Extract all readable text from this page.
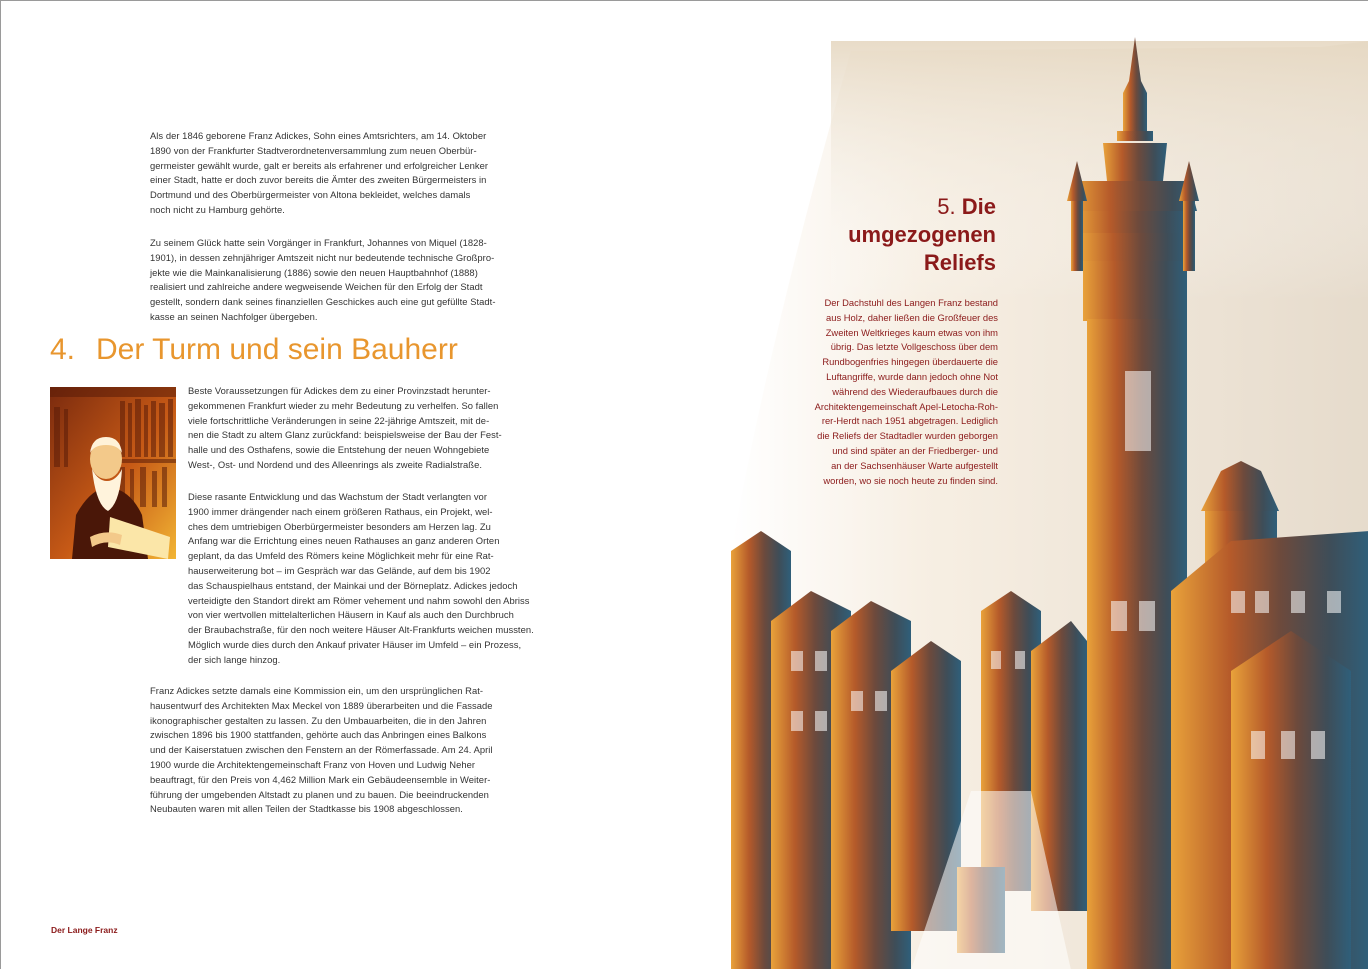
Als der 1846 geborene Franz Adickes, Sohn eines Amtsrichters, am 14. Oktober
1890 von der Frankfurter Stadtverordnetenversammlung zum neuen Oberbür-
germeister gewählt wurde, galt er bereits als erfahrener und erfolgreicher Lenker
einer Stadt, hatte er doch zuvor bereits die Ämter des zweiten Bürgermeisters in
Dortmund und des Oberbürgermeister von Altona bekleidet, welches damals
noch nicht zu Hamburg gehörte.

Zu seinem Glück hatte sein Vorgänger in Frankfurt, Johannes von Miquel (1828-
1901), in dessen zehnjähriger Amtszeit nicht nur bedeutende technische Großpro-
jekte wie die Mainkanalisierung (1886) sowie den neuen Hauptbahnhof (1888)
realisiert und zahlreiche andere wegweisende Weichen für den Erfolg der Stadt
gestellt, sondern dank seines finanziellen Geschickes auch eine gut gefüllte Stadt-
kasse an seinen Nachfolger übergeben.

4. Der Turm und sein Bauherr

Beste Voraussetzungen für Adickes dem zu einer Provinzstadt herunter-
gekommenen Frankfurt wieder zu mehr Bedeutung zu verhelfen. So fallen
viele fortschrittliche Veränderungen in seine 22-jährige Amtszeit, mit de-
nen die Stadt zu altem Glanz zurückfand: beispielsweise der Bau der Fest-
halle und des Osthafens, sowie die Entstehung der neuen Wohngebiete
West-, Ost- und Nordend und des Alleenrings als zweite Radialstraße.

Diese rasante Entwicklung und das Wachstum der Stadt verlangten vor
1900 immer drängender nach einem größeren Rathaus, ein Projekt, wel-
ches dem umtriebigen Oberbürgermeister besonders am Herzen lag. Zu
Anfang war die Errichtung eines neuen Rathauses an ganz anderen Orten
geplant, da das Umfeld des Römers keine Möglichkeit mehr für eine Rat-
hauserweiterung bot – im Gespräch war das Gelände, auf dem bis 1902
das Schauspielhaus entstand, der Mainkai und der Börneplatz. Adickes jedoch
verteidigte den Standort direkt am Römer vehement und nahm sowohl den Abriss
von vier wertvollen mittelalterlichen Häusern in Kauf als auch den Durchbruch
der Braubachstraße, für den noch weitere Häuser Alt-Frankfurts weichen mussten.
Möglich wurde dies durch den Ankauf privater Häuser im Umfeld – ein Prozess,
der sich lange hinzog.

Franz Adickes setzte damals eine Kommission ein, um den ursprünglichen Rat-
hausentwurf des Architekten Max Meckel von 1889 überarbeiten und die Fassade
ikonographischer gestalten zu lassen. Zu den Umbauarbeiten, die in den Jahren
zwischen 1896 bis 1900 stattfanden, gehörte auch das Anbringen eines Balkons
und der Kaiserstatuen zwischen den Fenstern an der Römerfassade. Am 24. April
1900 wurde die Architektengemeinschaft Franz von Hoven und Ludwig Neher
beauftragt, für den Preis von 4,462 Million Mark ein Gebäudeensemble in Weiter-
führung der umgebenden Altstadt zu planen und zu bauen. Die beeindruckenden
Neubauten waren mit allen Teilen der Stadtkasse bis 1908 abgeschlossen.

Der Lange Franz
5. Die
umgezogenen
Reliefs

Der Dachstuhl des Langen Franz bestand
aus Holz, daher ließen die Großfeuer des
Zweiten Weltkrieges kaum etwas von ihm
übrig. Das letzte Vollgeschoss über dem
Rundbogenfries hingegen überdauerte die
Luftangriffe, wurde dann jedoch ohne Not
während des Wiederaufbaues durch die
Architektengemeinschaft Apel-Letocha-Roh-
rer-Herdt nach 1951 abgetragen. Lediglich
die Reliefs der Stadtadler wurden geborgen
und sind später an der Friedberger- und
an der Sachsenhäuser Warte aufgestellt
worden, wo sie noch heute zu finden sind.
